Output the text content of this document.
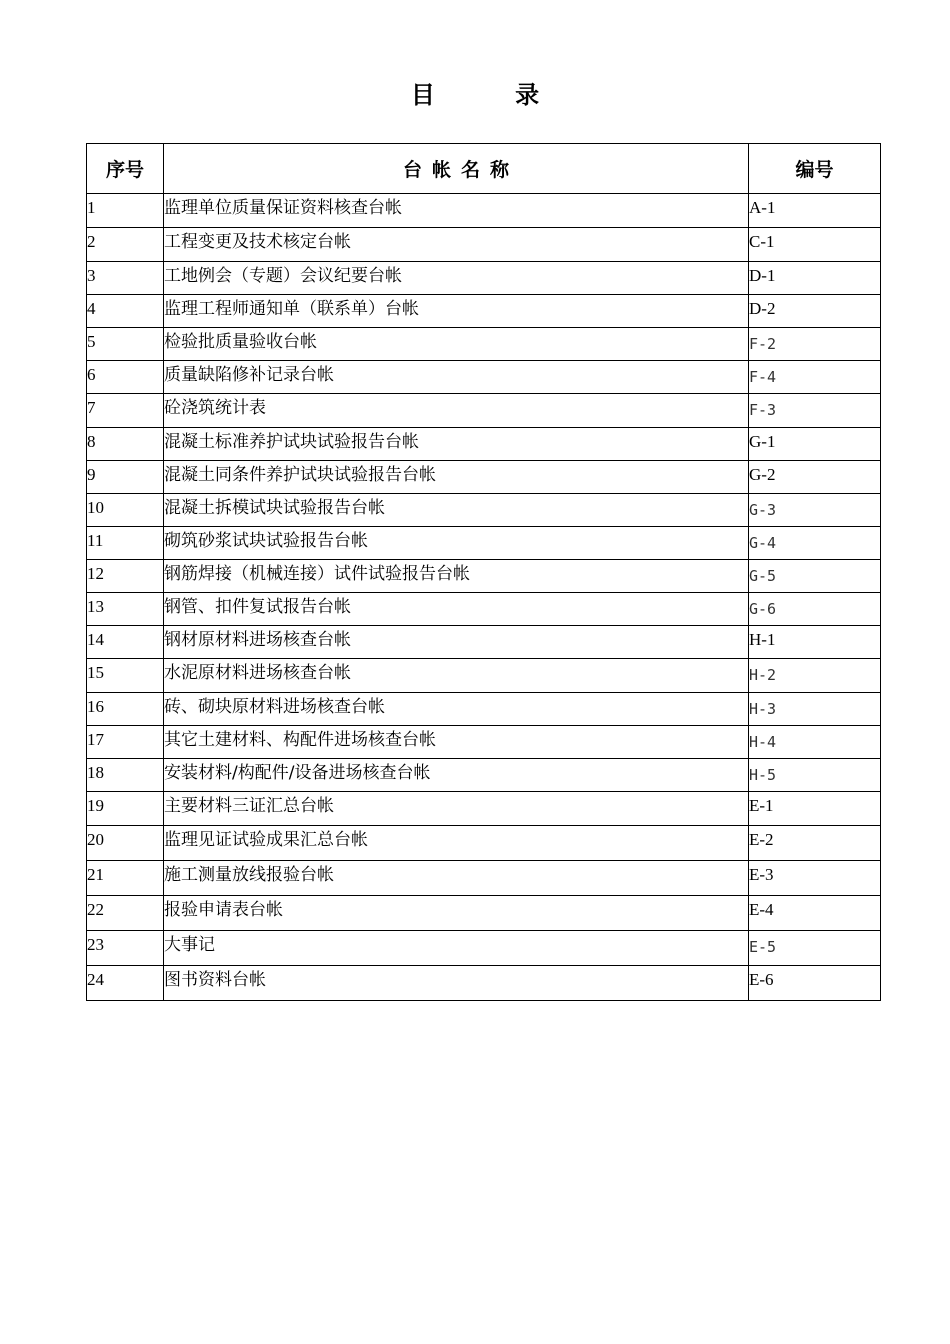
目 录
序号	台帐名称	编号
1	监理单位质量保证资料核查台帐	A-1
2	工程变更及技术核定台帐	C-1
3	工地例会（专题）会议纪要台帐	D-1
4	监理工程师通知单（联系单）台帐	D-2
5	检验批质量验收台帐	F-2
6	质量缺陷修补记录台帐	F-4
7	砼浇筑统计表	F-3
8	混凝土标准养护试块试验报告台帐	G-1
9	混凝土同条件养护试块试验报告台帐	G-2
10	混凝土拆模试块试验报告台帐	G-3
11	砌筑砂浆试块试验报告台帐	G-4
12	钢筋焊接（机械连接）试件试验报告台帐	G-5
13	钢管、扣件复试报告台帐	G-6
14	钢材原材料进场核查台帐	H-1
15	水泥原材料进场核查台帐	H-2
16	砖、砌块原材料进场核查台帐	H-3
17	其它土建材料、构配件进场核查台帐	H-4
18	安装材料/构配件/设备进场核查台帐	H-5
19	主要材料三证汇总台帐	E-1
20	监理见证试验成果汇总台帐	E-2
21	施工测量放线报验台帐	E-3
22	报验申请表台帐	E-4
23	大事记	E-5
24	图书资料台帐	E-6
